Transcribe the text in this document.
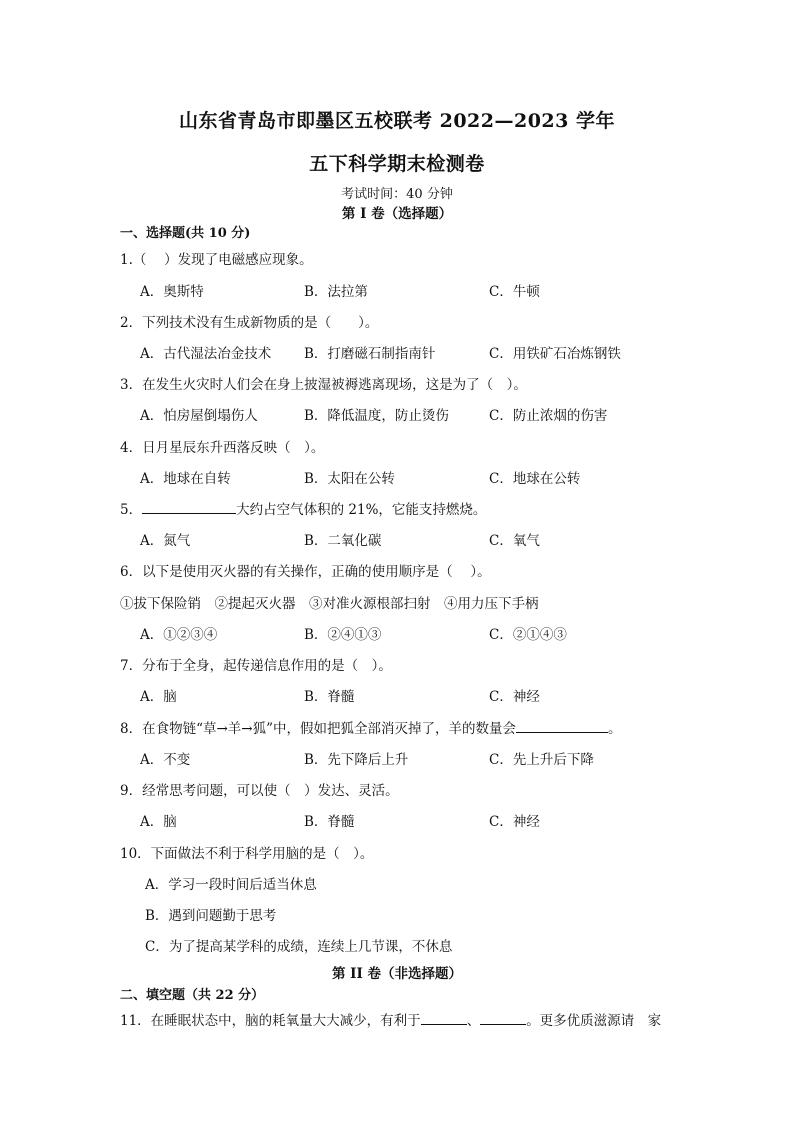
山东省青岛市即墨区五校联考 2022—2023 学年
五下科学期末检测卷
考试时间：40 分钟
第 I 卷（选择题）
一、选择题(共 10 分)
1.（　 ）发现了电磁感应现象。
A．奥斯特	B．法拉第	C．牛顿
2．下列技术没有生成新物质的是（　　）。
A．古代湿法冶金技术 B．打磨磁石制指南针	C．用铁矿石冶炼钢铁
3．在发生火灾时人们会在身上披湿被褥逃离现场，这是为了（　）。
A．怕房屋倒塌伤人	B．降低温度，防止烫伤	C．防止浓烟的伤害
4．日月星辰东升西落反映（　）。
A．地球在自转	B．太阳在公转	C．地球在公转
5．	大约占空气体积的 21%，它能支持燃烧。
A．氮气	B．二氧化碳	C．氧气
6．以下是使用灭火器的有关操作，正确的使用顺序是（　 ）。
①拔下保险销　②提起灭火器　③对准火源根部扫射　④用力压下手柄
A．①②③④	B．②④①③	C．②①④③
7．分布于全身，起传递信息作用的是（　）。
A．脑	B．脊髓	C．神经
8．在食物链“草→羊→狐”中，假如把狐全部消灭掉了，羊的数量会	。
A．不变	B．先下降后上升	C．先上升后下降
9．经常思考问题，可以使（　）发达、灵活。
A．脑	B．脊髓	C．神经
10．下面做法不利于科学用脑的是（　）。
A．学习一段时间后适当休息
B．遇到问题勤于思考
C．为了提高某学科的成绩，连续上几节课，不休息
第 II 卷（非选择题）
二、填空题（共 22 分）
11．在睡眠状态中，脑的耗氧量大大减少，有利于	、	。更多优质滋源请　家
